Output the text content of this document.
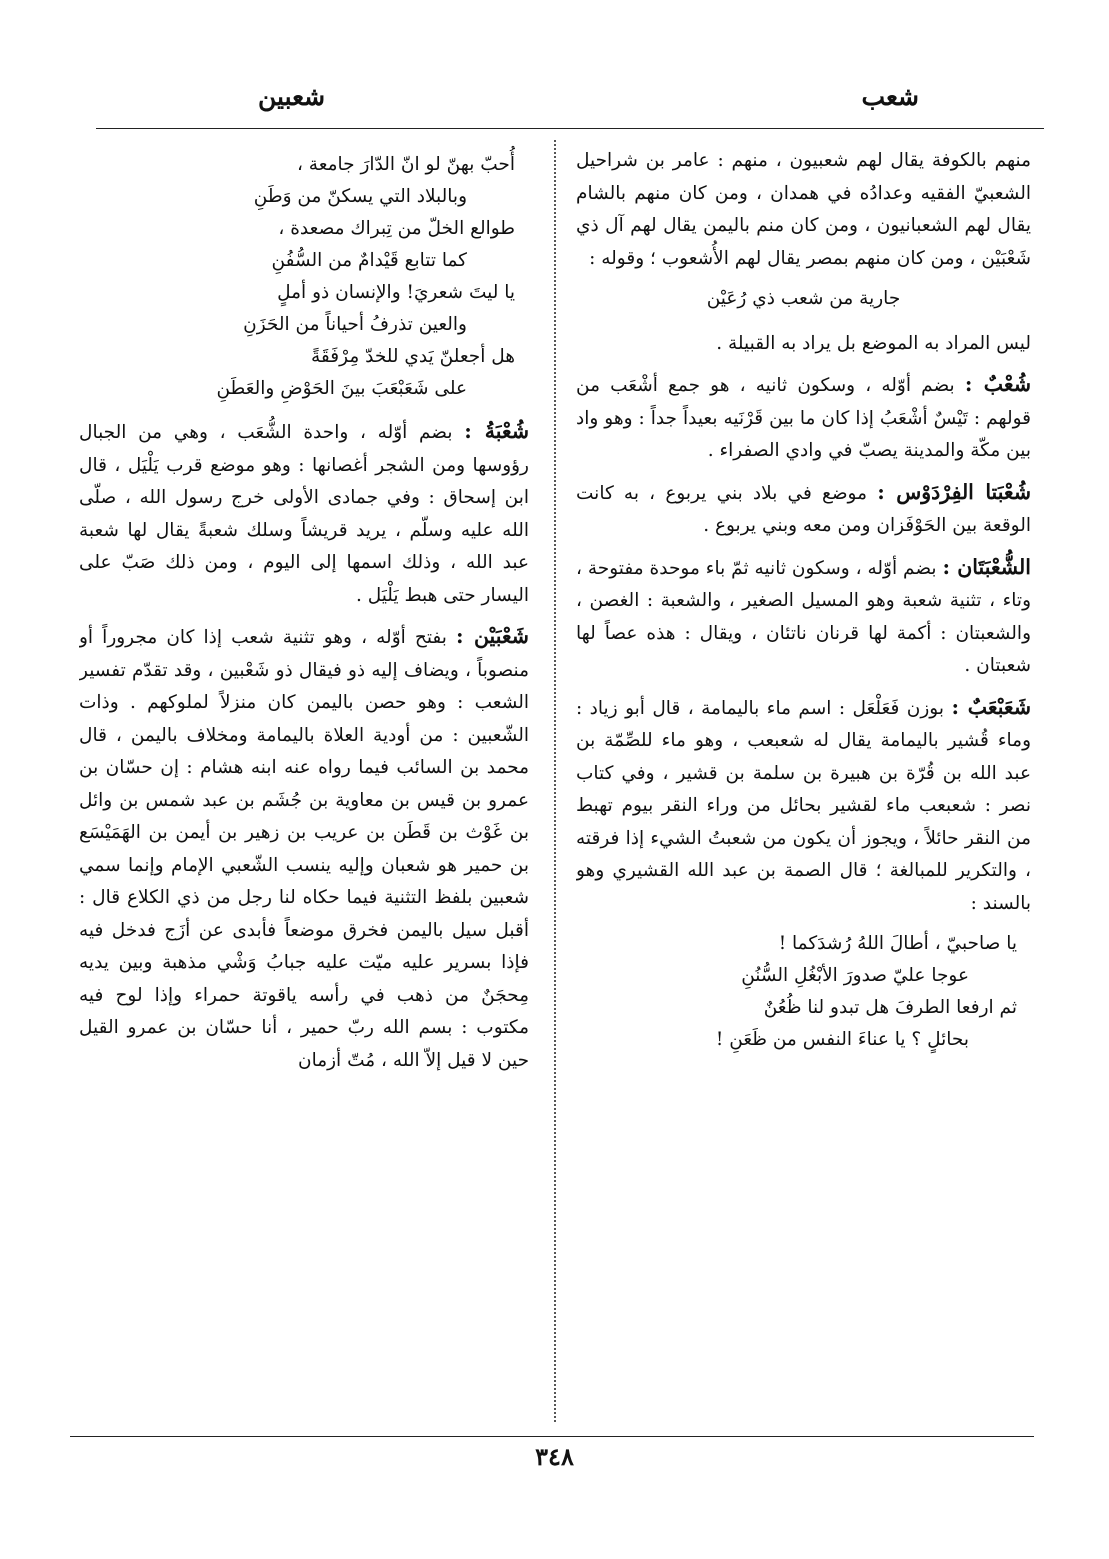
شعب
شعبين

منهم بالكوفة يقال لهم شعبيون ، منهم : عامر بن شراحيل الشعبيّ الفقيه وعدادُه في همدان ، ومن كان منهم بالشام يقال لهم الشعبانيون ، ومن كان منم باليمن يقال لهم آل ذي شَعْبَيْن ، ومن كان منهم بمصر يقال لهم الأُشعوب ؛ وقوله :

جارية من شعب ذي رُعَيْن

ليس المراد به الموضع بل يراد به القبيلة .

شُعْبٌ : بضم أوّله ، وسكون ثانيه ، هو جمع أشْعَب من قولهم : تَيْسٌ أشْعَبُ إذا كان ما بين قَرْنَيه بعيداً جداً : وهو واد بين مكّة والمدينة يصبّ في وادي الصفراء .

شُعْبَتا الفِرْدَوْس : موضع في بلاد بني يربوع ، به كانت الوقعة بين الحَوْفَزان ومن معه وبني يربوع .

الشُّعْبَتَان : بضم أوّله ، وسكون ثانيه ثمّ باء موحدة مفتوحة ، وتاء ، تثنية شعبة وهو المسيل الصغير ، والشعبة : الغصن ، والشعبتان : أكمة لها قرنان ناتئان ، ويقال : هذه عصاً لها شعبتان .

شَعَبْعَبٌ : بوزن فَعَلْعَل : اسم ماء باليمامة ، قال أبو زياد : وماء قُشير باليمامة يقال له شعبعب ، وهو ماء للصِّمّة بن عبد الله بن قُرّة بن هبيرة بن سلمة بن قشير ، وفي كتاب نصر : شعبعب ماء لقشير بحائل من وراء النقر بيوم تهبط من النقر حائلاً ، ويجوز أن يكون من شعبتُ الشيء إذا فرقته ، والتكرير للمبالغة ؛ قال الصمة بن عبد الله القشيري وهو بالسند :

يا صاحبيّ ، أطالَ اللهُ رُشدَكما !

عوجا عليّ صدورَ الأبْغُلِ السُّنُنِ

ثم ارفعا الطرفَ هل تبدو لنا ظُعُنٌ

بحائلٍ ؟ يا عناءَ النفس من ظَعَنِ !

أُحبّ بهنّ لو انّ الدّارَ جامعة ،

وبالبلاد التي يسكنّ من وَطَنِ

طوالع الخلّ من تِبراك مصعدة ،

كما تتابع قَيْدامٌ من السُّفُنِ

يا ليتَ شعريَ! والإنسان ذو أملٍ

والعين تذرفُ أحياناً من الحَزَنِ

هل أجعلنّ يَدي للخدّ مِرْفَقَةً

على شَعَبْعَبَ بينَ الحَوْضِ والعَطَنِ

شُعْبَةُ : بضم أوّله ، واحدة الشُّعَب ، وهي من الجبال رؤوسها ومن الشجر أغصانها : وهو موضع قرب يَلْيَل ، قال ابن إسحاق : وفي جمادى الأولى خرج رسول الله ، صلّى الله عليه وسلّم ، يريد قريشاً وسلك شعبةً يقال لها شعبة عبد الله ، وذلك اسمها إلى اليوم ، ومن ذلك صَبّ على اليسار حتى هبط يَلْيَل .

شَعْبَيْن : بفتح أوّله ، وهو تثنية شعب إذا كان مجروراً أو منصوباً ، ويضاف إليه ذو فيقال ذو شَعْبين ، وقد تقدّم تفسير الشعب : وهو حصن باليمن كان منزلاً لملوكهم . وذات الشّعبين : من أودية العلاة باليمامة ومخلاف باليمن ، قال محمد بن السائب فيما رواه عنه ابنه هشام : إن حسّان بن عمرو بن قيس بن معاوية بن جُشَم بن عبد شمس بن وائل بن غَوْث بن قَطَن بن عريب بن زهير بن أيمن بن الهَمَيْسَع بن حمير هو شعبان وإليه ينسب الشّعبي الإمام وإنما سمي شعبين بلفظ التثنية فيما حكاه لنا رجل من ذي الكلاع قال : أقبل سيل باليمن فخرق موضعاً فأبدى عن أزَج فدخل فيه فإذا بسرير عليه ميّت عليه جبابُ وَشْي مذهبة وبين يديه مِحجَنٌ من ذهب في رأسه ياقوتة حمراء وإذا لوح فيه مكتوب : بسم الله ربّ حمير ، أنا حسّان بن عمرو القيل حين لا قيل إلاّ الله ، مُتّ أزمان

٣٤٨
